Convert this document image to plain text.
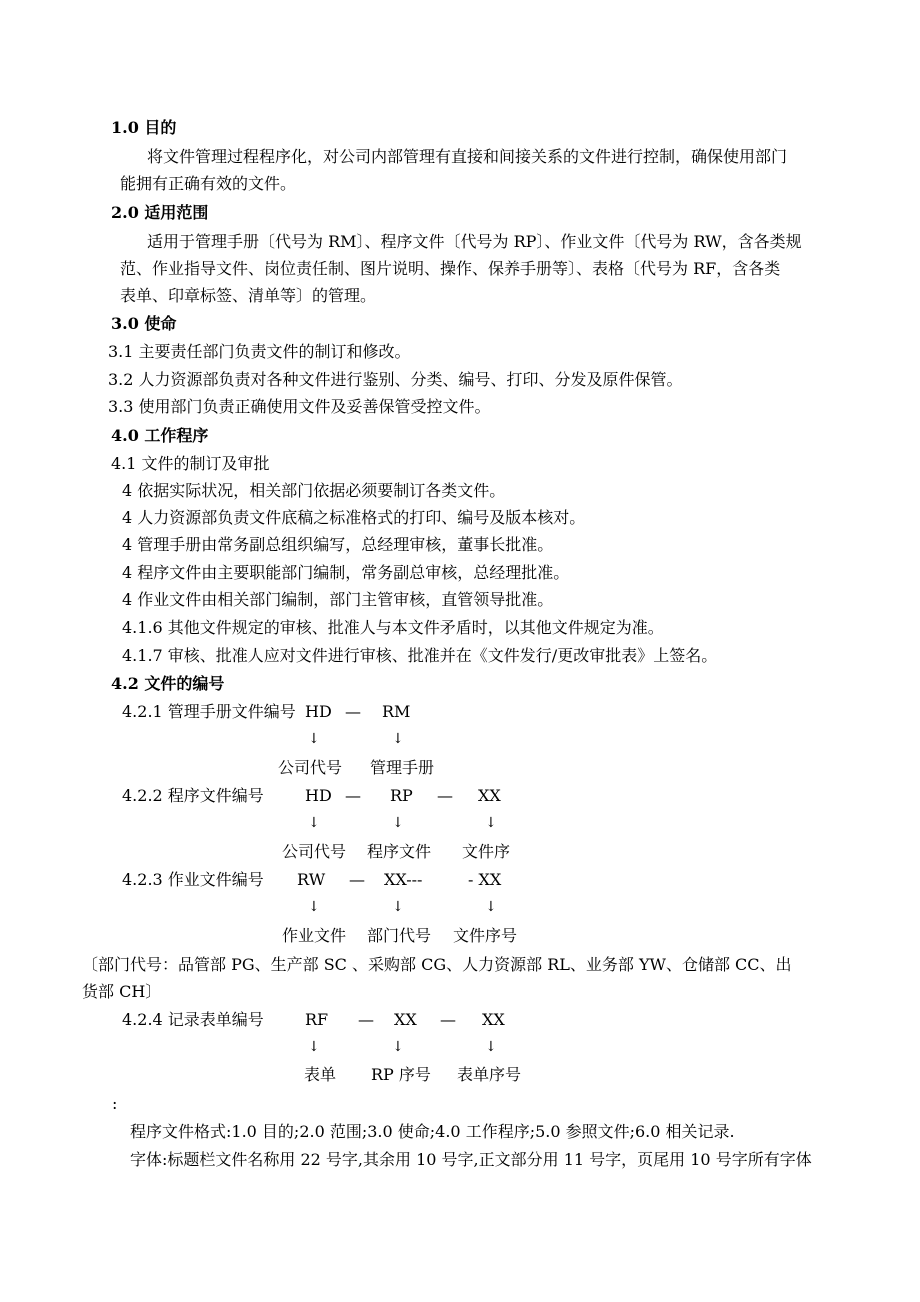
1.0 目的
将文件管理过程程序化，对公司内部管理有直接和间接关系的文件进行控制，确保使用部门
能拥有正确有效的文件。
2.0 适用范围
适用于管理手册〔代号为 RM〕、程序文件〔代号为 RP〕、作业文件〔代号为 RW，含各类规
范、作业指导文件、岗位责任制、图片说明、操作、保养手册等〕、表格〔代号为 RF，含各类
表单、印章标签、清单等〕的管理。
3.0 使命
3.1 主要责任部门负责文件的制订和修改。
3.2 人力资源部负责对各种文件进行鉴别、分类、编号、打印、分发及原件保管。
3.3 使用部门负责正确使用文件及妥善保管受控文件。
4.0 工作程序
4.1 文件的制订及审批
4 依据实际状况，相关部门依据必须要制订各类文件。
4 人力资源部负责文件底稿之标准格式的打印、编号及版本核对。
4 管理手册由常务副总组织编写，总经理审核，董事长批准。
4 程序文件由主要职能部门编制，常务副总审核，总经理批准。
4 作业文件由相关部门编制，部门主管审核，直管领导批准。
4.1.6 其他文件规定的审核、批准人与本文件矛盾时，以其他文件规定为准。
4.1.7 审核、批准人应对文件进行审核、批准并在《文件发行/更改审批表》上签名。
4.2 文件的编号
4.2.1 管理手册文件编号 HD — RM
↓	↓
公司代号 管理手册
4.2.2 程序文件编号	HD — RP — XX
↓	↓	↓
公司代号 程序文件 文件序
4.2.3 作业文件编号 RW — XX---	- XX
↓	↓	↓
作业文件 部门代号 文件序号
〔部门代号：品管部 PG、生产部 SC 、采购部 CG、人力资源部 RL、业务部 YW、仓储部 CC、出
货部 CH〕
4.2.4 记录表单编号	RF — XX — XX
↓	↓	↓
表单 RP 序号 表单序号
:
程序文件格式:1.0 目的;2.0 范围;3.0 使命;4.0 工作程序;5.0 参照文件;6.0 相关记录.
字体:标题栏文件名称用 22 号字,其余用 10 号字,正文部分用 11 号字，页尾用 10 号字所有字体
